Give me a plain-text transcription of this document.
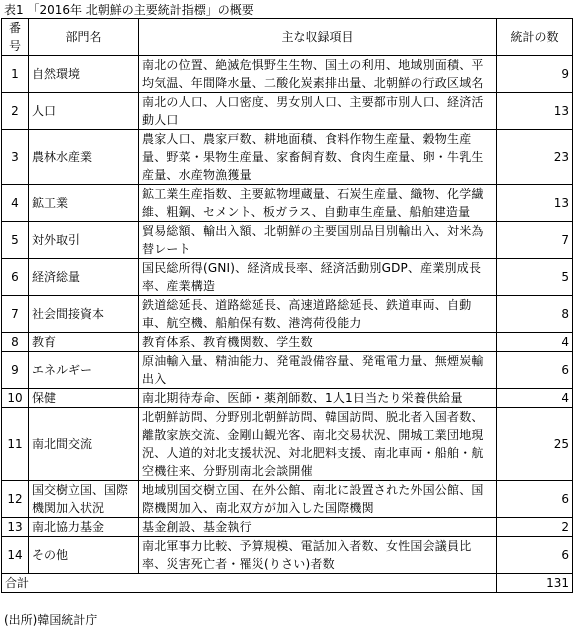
表1 「2016年 北朝鮮の主要統計指標」の概要
番号	部門名	主な収録項目	統計の数
1	自然環境	南北の位置、絶滅危惧野生生物、国土の利用、地域別面積、平均気温、年間降水量、二酸化炭素排出量、北朝鮮の行政区域名	9
2	人口	南北の人口、人口密度、男女別人口、主要都市別人口、経済活動人口	13
3	農林水産業	農家人口、農家戸数、耕地面積、食料作物生産量、穀物生産量、野菜・果物生産量、家畜飼育数、食肉生産量、卵・牛乳生産量、水産物漁獲量	23
4	鉱工業	鉱工業生産指数、主要鉱物埋蔵量、石炭生産量、織物、化学繊維、粗鋼、セメント、板ガラス、自動車生産量、船舶建造量	13
5	対外取引	貿易総額、輸出入額、北朝鮮の主要国別品目別輸出入、対米為替レート	7
6	経済総量	国民総所得(GNI)、経済成長率、経済活動別GDP、産業別成長率、産業構造	5
7	社会間接資本	鉄道総延長、道路総延長、高速道路総延長、鉄道車両、自動車、航空機、船舶保有数、港湾荷役能力	8
8	教育	教育体系、教育機関数、学生数	4
9	エネルギー	原油輸入量、精油能力、発電設備容量、発電電力量、無煙炭輸出入	6
10	保健	南北期待寿命、医師・薬剤師数、1人1日当たり栄養供給量	4
11	南北間交流	北朝鮮訪問、分野別北朝鮮訪問、韓国訪問、脱北者入国者数、離散家族交流、金剛山観光客、南北交易状況、開城工業団地現況、人道的対北支援状況、対北肥料支援、南北車両・船舶・航空機往来、分野別南北会談開催	25
12	国交樹立国、国際機関加入状況	地域別国交樹立国、在外公館、南北に設置された外国公館、国際機関加入、南北双方が加入した国際機関	6
13	南北協力基金	基金創設、基金執行	2
14	その他	南北軍事力比較、予算規模、電話加入者数、女性国会議員比率、災害死亡者・罹災(りさい)者数	6
合計			131
(出所)韓国統計庁
